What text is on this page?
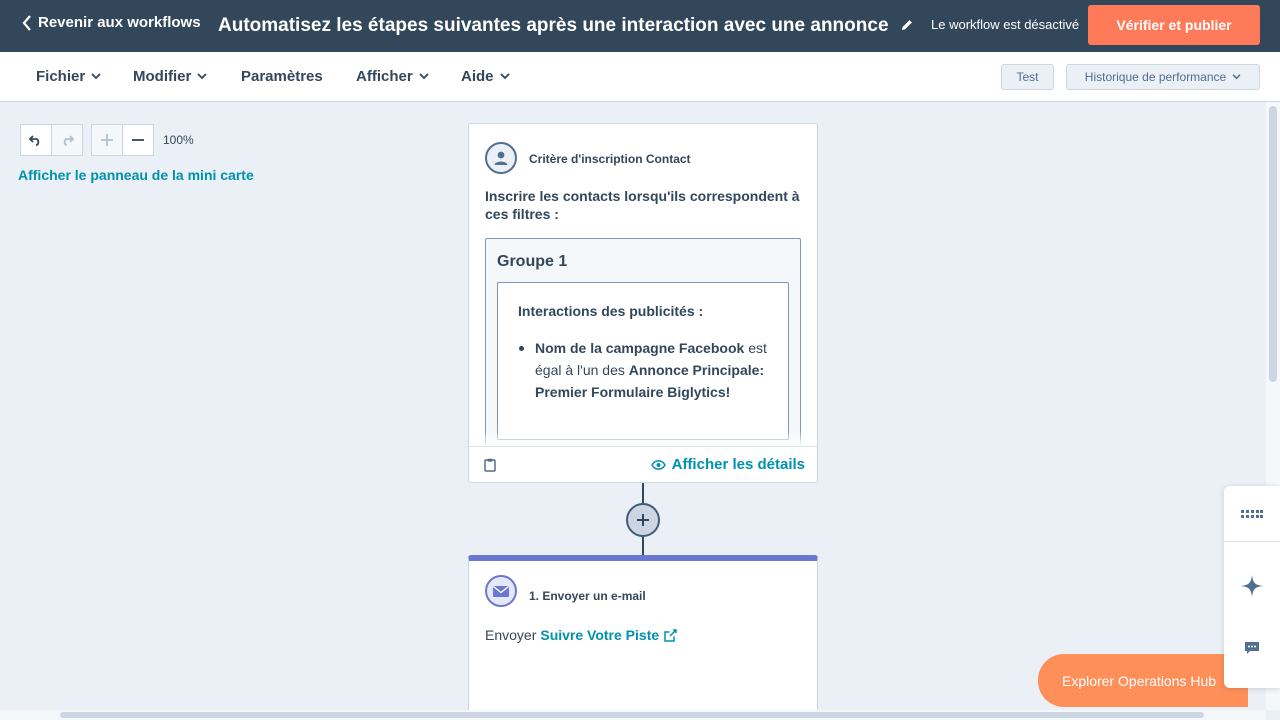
Revenir aux workflows Automatisez les étapes suivantes après une interaction avec une annonce	Le workflow est désactivé	Vérifier et publier
Fichier	Modifier	Paramètres Afficher	Aide	Test	Historique de performance
100%
Afficher le panneau de la mini carte
Critère d'inscription Contact
Inscrire les contacts lorsqu'ils correspondent à ces filtres :
Groupe 1
Interactions des publicités :
Nom de la campagne Facebook est égal à l'un des Annonce Principale: Premier Formulaire Biglytics!
Afficher les détails
1. Envoyer un e-mail
Envoyer Suivre Votre Piste
Explorer Operations Hub
